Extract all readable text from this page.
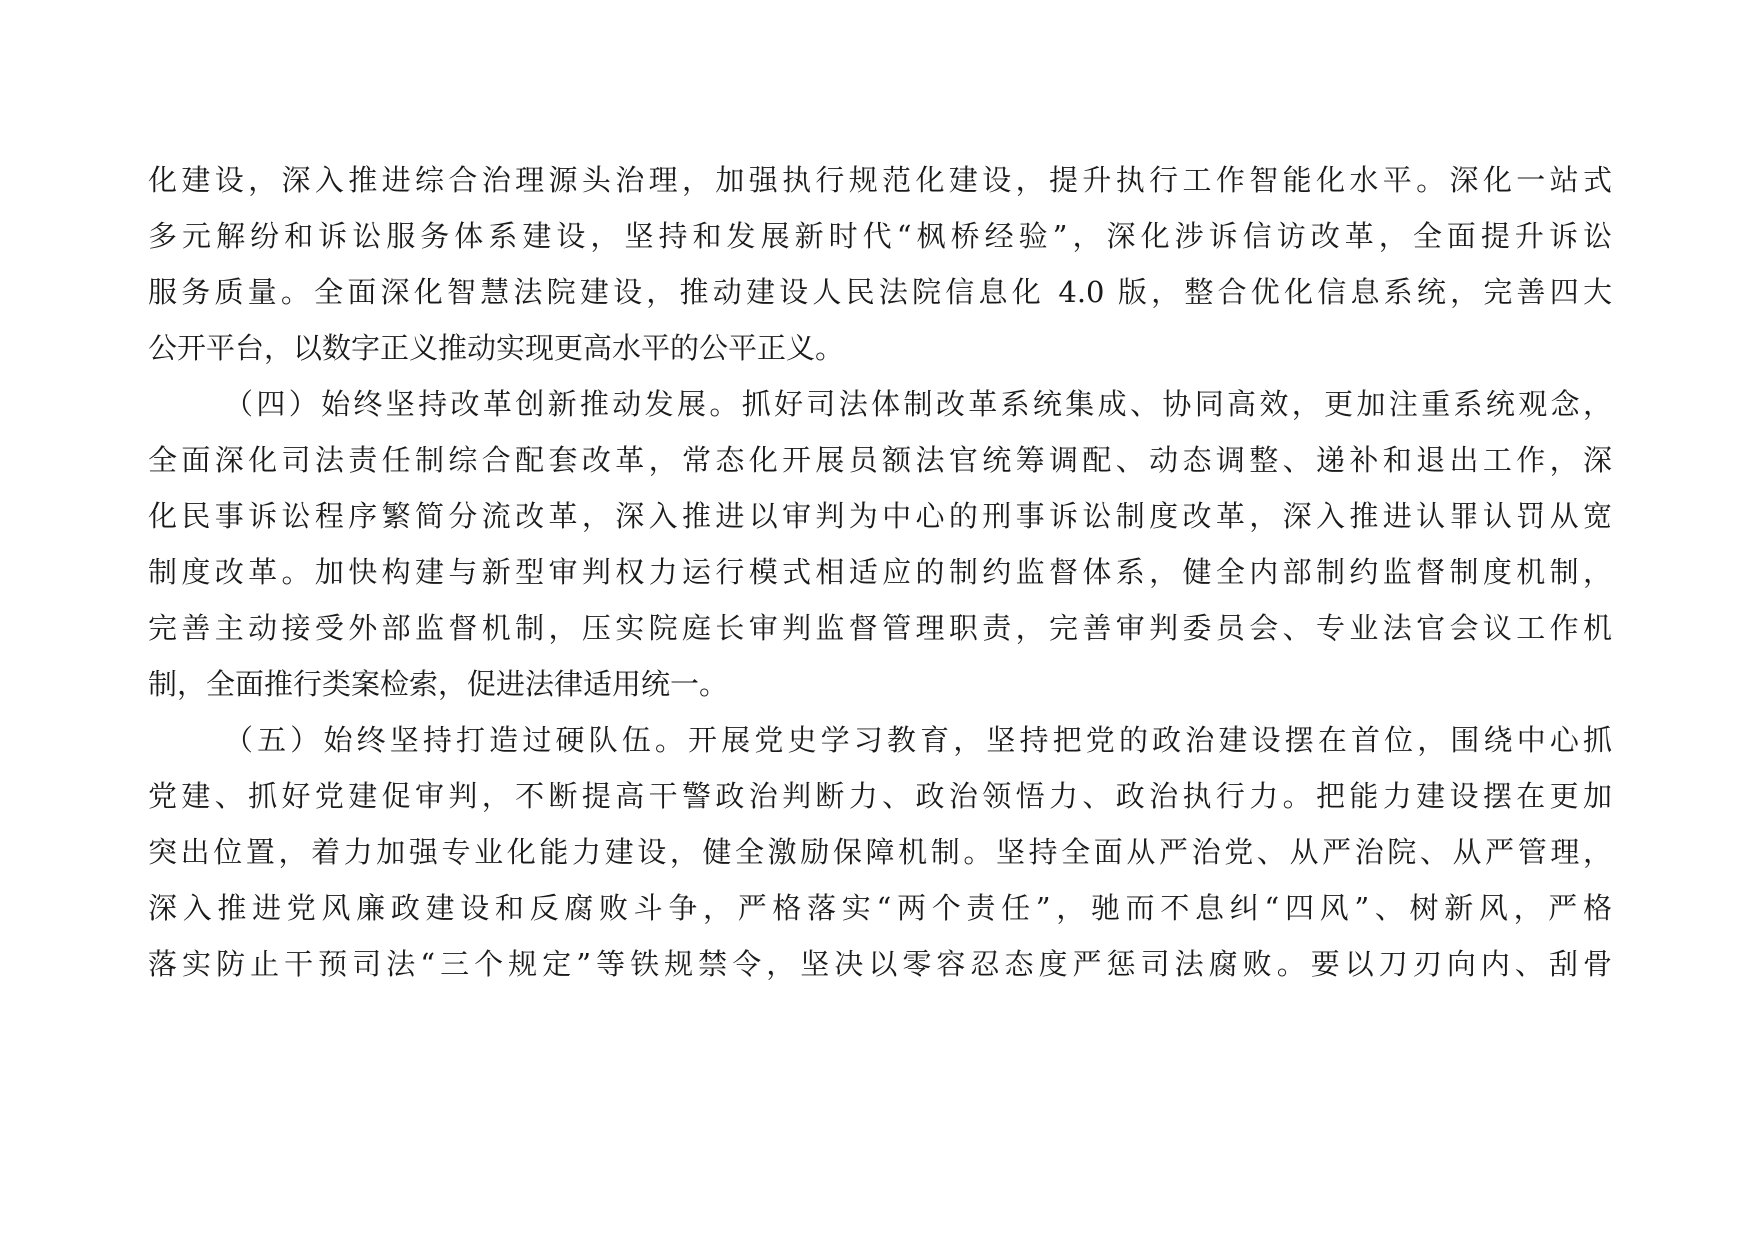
化建设，深入推进综合治理源头治理，加强执行规范化建设，提升执行工作智能化水平。深化一站式
多元解纷和诉讼服务体系建设，坚持和发展新时代“枫桥经验”，深化涉诉信访改革，全面提升诉讼
服务质量。全面深化智慧法院建设，推动建设人民法院信息化 4.0 版，整合优化信息系统，完善四大
公开平台，以数字正义推动实现更高水平的公平正义。
（四）始终坚持改革创新推动发展。抓好司法体制改革系统集成、协同高效，更加注重系统观念，
全面深化司法责任制综合配套改革，常态化开展员额法官统筹调配、动态调整、递补和退出工作，深
化民事诉讼程序繁简分流改革，深入推进以审判为中心的刑事诉讼制度改革，深入推进认罪认罚从宽
制度改革。加快构建与新型审判权力运行模式相适应的制约监督体系，健全内部制约监督制度机制，
完善主动接受外部监督机制，压实院庭长审判监督管理职责，完善审判委员会、专业法官会议工作机
制，全面推行类案检索，促进法律适用统一。
（五）始终坚持打造过硬队伍。开展党史学习教育，坚持把党的政治建设摆在首位，围绕中心抓
党建、抓好党建促审判，不断提高干警政治判断力、政治领悟力、政治执行力。把能力建设摆在更加
突出位置，着力加强专业化能力建设，健全激励保障机制。坚持全面从严治党、从严治院、从严管理，
深入推进党风廉政建设和反腐败斗争，严格落实“两个责任”，驰而不息纠“四风”、树新风，严格
落实防止干预司法“三个规定”等铁规禁令，坚决以零容忍态度严惩司法腐败。要以刀刃向内、刮骨
